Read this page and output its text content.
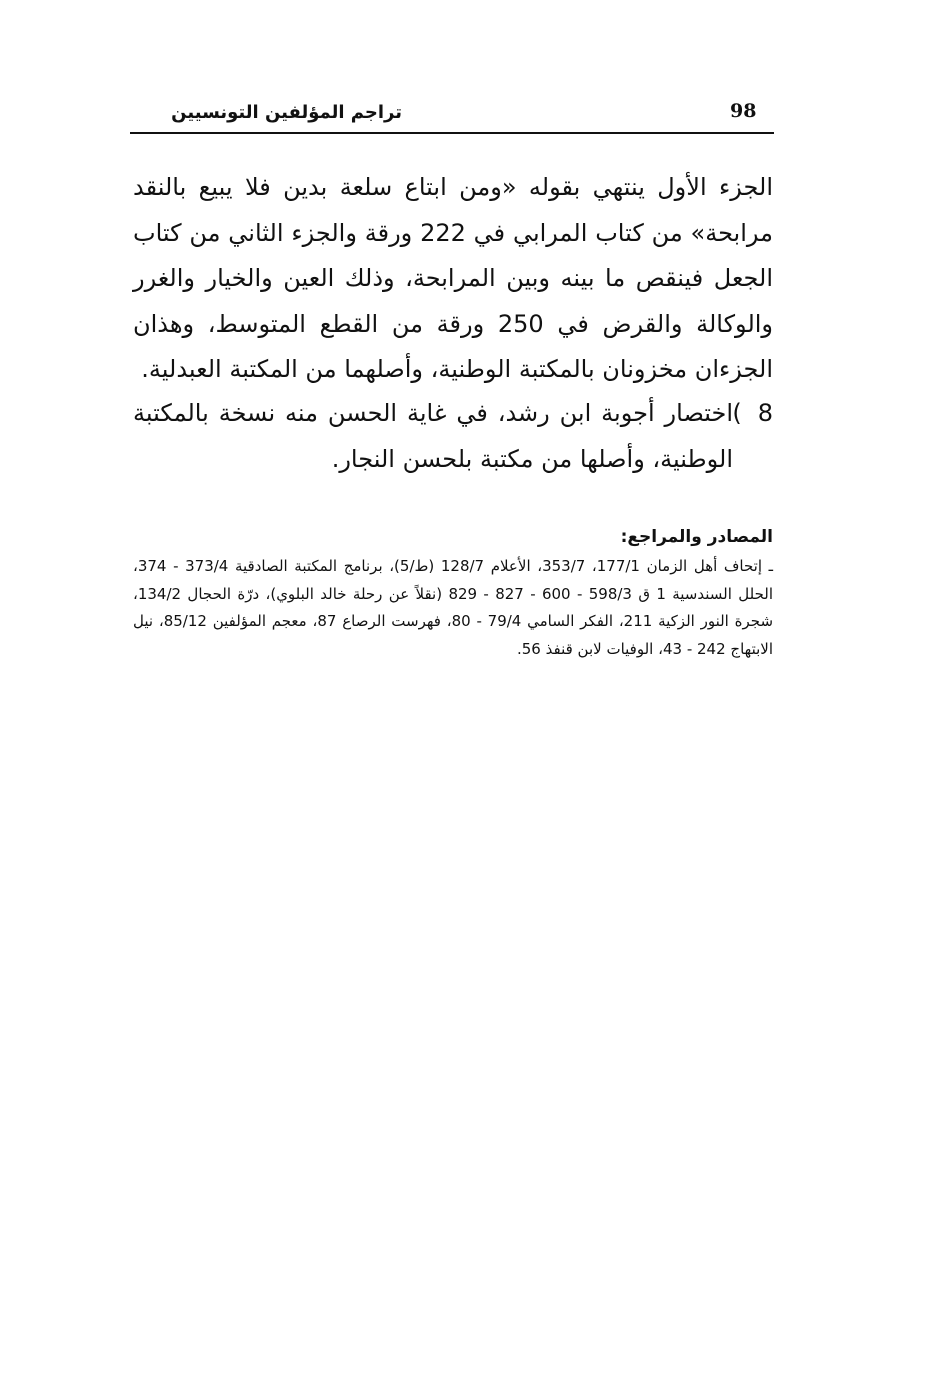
98
تراجم المؤلفين التونسيين

الجزء الأول ينتهي بقوله «ومن ابتاع سلعة بدين فلا يبيع بالنقد مرابحة» من كتاب المرابي في 222 ورقة والجزء الثاني من كتاب الجعل فينقص ما بينه وبين المرابحة، وذلك العين والخيار والغرر والوكالة والقرض في 250 ورقة من القطع المتوسط، وهذان الجزءان مخزونان بالمكتبة الوطنية، وأصلهما من المكتبة العبدلية.

8
)

اختصار أجوبة ابن رشد، في غاية الحسن منه نسخة بالمكتبة الوطنية، وأصلها من مكتبة بلحسن النجار.

المصادر والمراجع:

ـ إتحاف أهل الزمان 177/1، 353/7، الأعلام 128/7 (ط/5)، برنامج المكتبة الصادقية 373/4 - 374، الحلل السندسية 1 ق 598/3 - 600 - 827 - 829 (نقلاً عن رحلة خالد البلوي)، درّة الحجال 134/2، شجرة النور الزكية 211، الفكر السامي 79/4 - 80، فهرست الرصاع 87، معجم المؤلفين 85/12، نيل الابتهاج 242 - 43، الوفيات لابن قنفذ 56.
